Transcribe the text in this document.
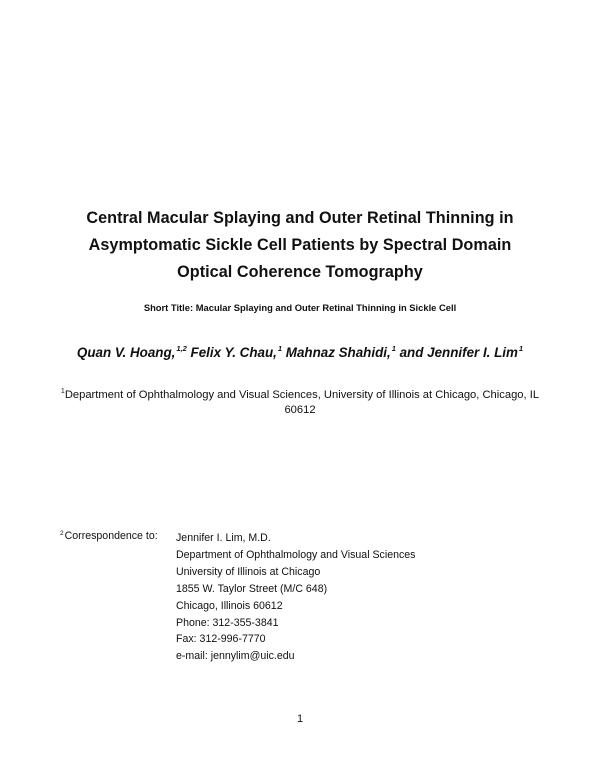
Central Macular Splaying and Outer Retinal Thinning in
Asymptomatic Sickle Cell Patients by Spectral Domain
Optical Coherence Tomography
Short Title: Macular Splaying and Outer Retinal Thinning in Sickle Cell
Quan V. Hoang,$^{1,2}$ Felix Y. Chau,$^1$ Mahnaz Shahidi,$^1$ and Jennifer I. Lim$^1$
$^1$Department of Ophthalmology and Visual Sciences, University of Illinois at Chicago, Chicago, IL 60612
$^2$Correspondence to: Jennifer I. Lim, M.D.
Department of Ophthalmology and Visual Sciences
University of Illinois at Chicago
1855 W. Taylor Street (M/C 648)
Chicago, Illinois 60612
Phone: 312-355-3841
Fax: 312-996-7770
e-mail: jennylim@uic.edu
1
